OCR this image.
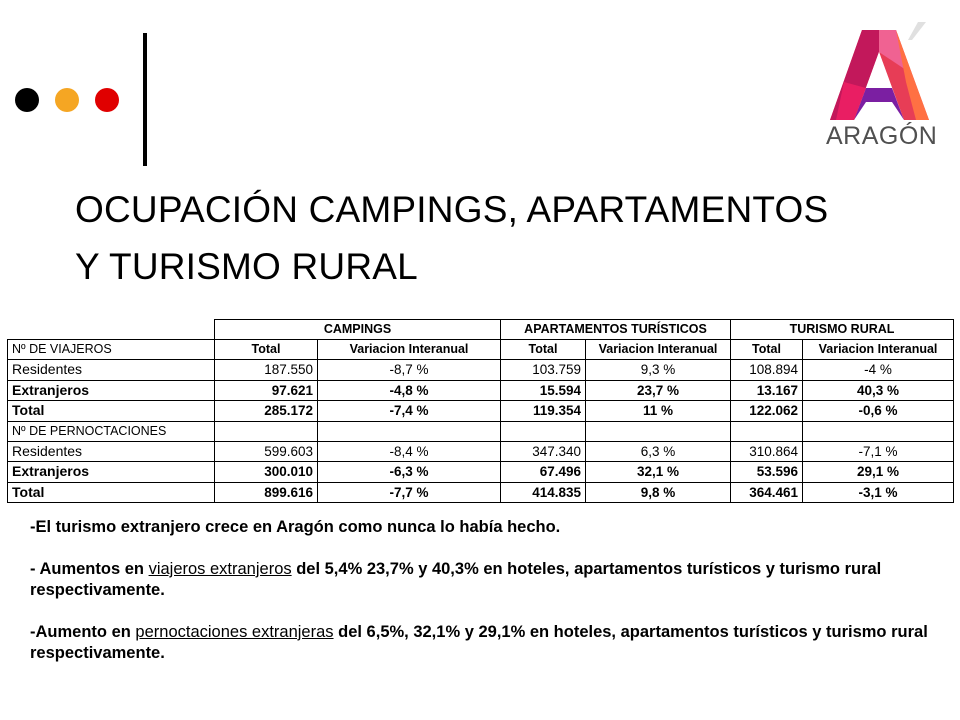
ARAGÓN
OCUPACIÓN CAMPINGS, APARTAMENTOS
Y TURISMO RURAL
	CAMPINGS		APARTAMENTOS TURÍSTICOS		TURISMO RURAL	
Nº DE VIAJEROS	Total	Variacion Interanual	Total	Variacion Interanual	Total	Variacion Interanual
Residentes	187.550	-8,7 %	103.759	9,3 %	108.894	-4 %
Extranjeros	97.621	-4,8 %	15.594	23,7 %	13.167	40,3 %
Total	285.172	-7,4 %	119.354	11 %	122.062	-0,6 %
Nº DE PERNOCTACIONES						
Residentes	599.603	-8,4 %	347.340	6,3 %	310.864	-7,1 %
Extranjeros	300.010	-6,3 %	67.496	32,1 %	53.596	29,1 %
Total	899.616	-7,7 %	414.835	9,8 %	364.461	-3,1 %

-El turismo extranjero crece en Aragón como nunca lo había hecho.

- Aumentos en viajeros extranjeros del 5,4% 23,7% y 40,3% en hoteles, apartamentos turísticos y turismo rural respectivamente.

-Aumento en pernoctaciones extranjeras del 6,5%, 32,1% y 29,1% en hoteles, apartamentos turísticos y turismo rural respectivamente.
